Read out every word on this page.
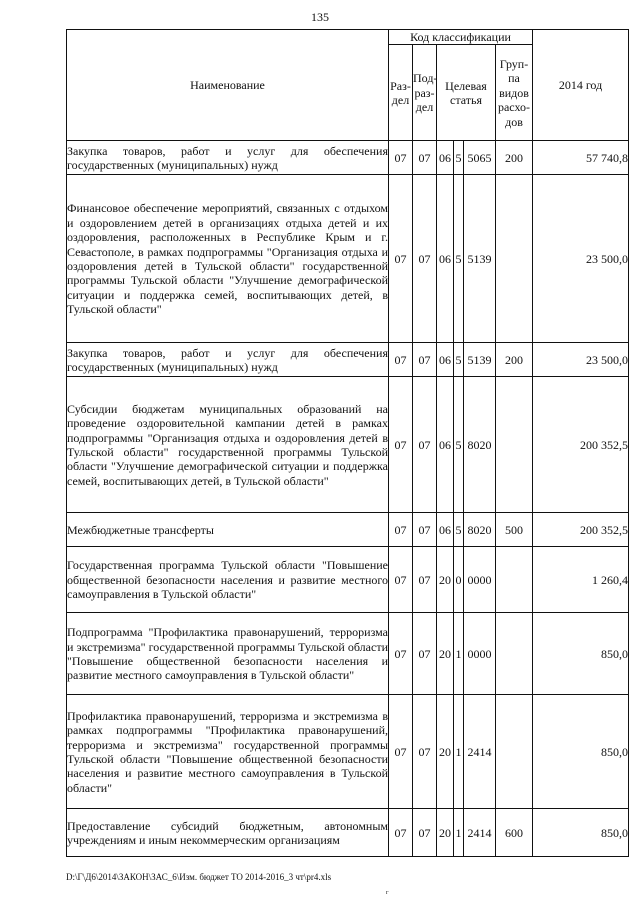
135
Наименование	Код классификации						2014 год
	Раз-дел	Под-раз-дел	Целевая статья			Груп-па видов расхо-дов	
Закупка товаров, работ и услуг для обеспечения государственных (муниципальных) нужд	07	07	06	5	5065	200	57 740,8
Финансовое обеспечение мероприятий, связанных с отдыхом и оздоровлением детей в организациях отдыха детей и их оздоровления, расположенных в Республике Крым и г. Севастополе, в рамках подпрограммы "Организация отдыха и оздоровления детей в Тульской области" государственной программы Тульской области "Улучшение демографической ситуации и поддержка семей, воспитывающих детей, в Тульской области"	07	07	06	5	5139		23 500,0
Закупка товаров, работ и услуг для обеспечения государственных (муниципальных) нужд	07	07	06	5	5139	200	23 500,0
Субсидии бюджетам муниципальных образований на проведение оздоровительной кампании детей в рамках подпрограммы "Организация отдыха и оздоровления детей в Тульской области" государственной программы Тульской области "Улучшение демографической ситуации и поддержка семей, воспитывающих детей, в Тульской области"	07	07	06	5	8020		200 352,5
Межбюджетные трансферты	07	07	06	5	8020	500	200 352,5
Государственная программа Тульской области "Повышение общественной безопасности населения и развитие местного самоуправления в Тульской области"	07	07	20	0	0000		1 260,4
Подпрограмма "Профилактика правонарушений, терроризма и экстремизма" государственной программы Тульской области "Повышение общественной безопасности населения и развитие местного самоуправления в Тульской области"	07	07	20	1	0000		850,0
Профилактика правонарушений, терроризма и экстремизма в рамках подпрограммы "Профилактика правонарушений, терроризма и экстремизма" государственной программы Тульской области "Повышение общественной безопасности населения и развитие местного самоуправления в Тульской области"	07	07	20	1	2414		850,0
Предоставление субсидий бюджетным, автономным учреждениям и иным некоммерческим организациям	07	07	20	1	2414	600	850,0
D:\Г\Д6\2014\ЗАКОН\ЗАС_6\Изм. бюджет ТО 2014-2016_3 чт\pr4.xls
г
